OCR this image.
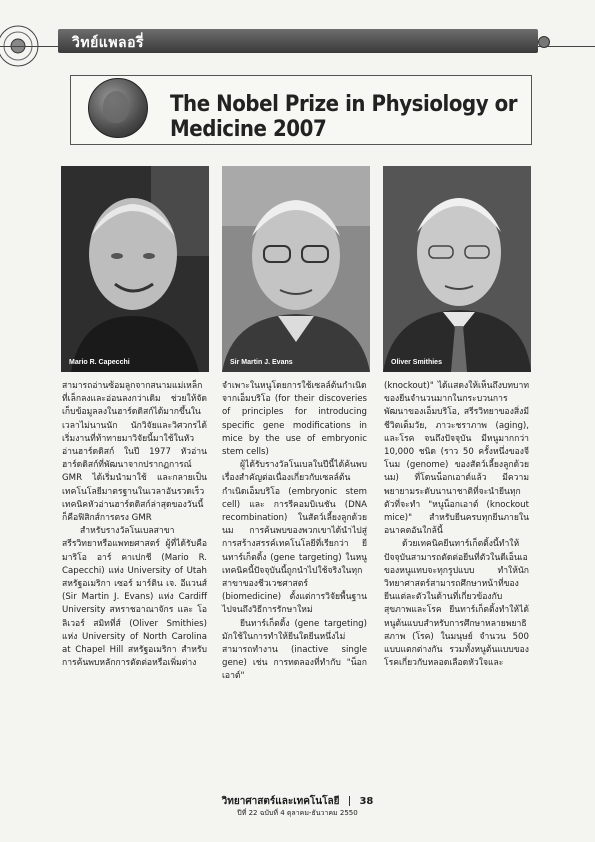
วิทย์แพลอรี่
The Nobel Prize in Physiology or Medicine 2007
Mario R. Capecchi	Sir Martin J. Evans	Oliver Smithies

สามารถอ่านซ้อมลูกจากสนามแม่เหล็กที่เล็กลงและอ่อนลงกว่าเดิม ช่วยให้จัดเก็บข้อมูลลงในฮาร์ดดิสก์ได้มากขึ้นในเวลาไม่นานนัก นักวิจัยและวิศวกรได้เริ่มงานที่ท้าทายมาวิจัยนี้มาใช้ในหัวอ่านฮาร์ดดิสก์ ในปี 1977 หัวอ่านฮาร์ดดิสก์ที่พัฒนาจากปรากฏการณ์ GMR ได้เริ่มนำมาใช้ และกลายเป็นเทคโนโลยีมาตรฐานในเวลาอันรวดเร็ว เทคนิคหัวอ่านฮาร์ดดิสก์ล่าสุดของวันนี้ก็คือฟิสิกส์การตรง GMR

สำหรับรางวัลโนเบลสาขาสรีรวิทยาหรือแพทยศาสตร์ ผู้ที่ได้รับคือ มาริโอ อาร์ คาเปกชี (Mario R. Capecchi) แห่ง University of Utah สหรัฐอเมริกา เซอร์ มาร์ติน เจ. อีแวนส์ (Sir Martin J. Evans) แห่ง Cardiff University สหราชอาณาจักร และ โอลิเวอร์ สมิทที่ส์ (Oliver Smithies) แห่ง University of North Carolina at Chapel Hill สหรัฐอเมริกา สำหรับการค้นพบหลักการตัดต่อหรือเพิ่มต่าง

จำเพาะในหนูโดยการใช้เซลล์ต้นกำเนิดจากเอ็มบริโอ (for their discoveries of principles for introducing specific gene modifications in mice by the use of embryonic stem cells)

ผู้ได้รับรางวัลโนเบลในปีนี้ได้ค้นพบเรื่องสำคัญต่อเนื่องเกี่ยวกับเซลล์ต้นกำเนิดเอ็มบริโอ (embryonic stem cell) และ การรีคอมบิเนชัน (DNA recombination) ในสัตว์เลี้ยงลูกด้วยนม การค้นพบของพวกเขาได้นำไปสู่การสร้างสรรค์เทคโนโลยีที่เรียกว่า ยีนทาร์เก็ตติ้ง (gene targeting) ในหนู เทคนิคนี้ปัจจุบันนี้ถูกนำไปใช้จริงในทุกสาขาของชีวเวชศาสตร์ (biomedicine) ตั้งแต่การวิจัยพื้นฐานไปจนถึงวิธีการรักษาใหม่

ยีนทาร์เก็ตติ้ง (gene targeting) มักใช้ในการทำให้ยีนใดยีนหนึ่งไม่สามารถทำงาน (inactive single gene) เช่น การทดลองที่ทำกับ "น็อกเอาต์"

(knockout)" ได้แสดงให้เห็นถึงบทบาทของยีนจำนวนมากในกระบวนการพัฒนาของเอ็มบริโอ, สรีรวิทยาของสิ่งมีชีวิตเต็มวัย, ภาวะชราภาพ (aging), และโรค จนถึงปัจจุบัน มีหนูมากกว่า 10,000 ชนิด (ราว 50 ครั้งหนึ่งของจีโนม (genome) ของสัตว์เลี้ยงลูกด้วยนม) ที่โดนน็อกเอาต์แล้ว มีความพยายามระดับนานาชาติที่จะนำยีนทุกตัวที่จะทำ "หนูน็อกเอาต์ (knockout mice)" สำหรับยีนครบทุกยีนภายในอนาคตอันใกล้นี้

ด้วยเทคนิคยีนทาร์เก็ตติ้งนี้ทำให้ปัจจุบันสามารถตัดต่อยีนที่ตัวในดีเอ็นเอของหนูแทบจะทุกรูปแบบ ทำให้นักวิทยาศาสตร์สามารถศึกษาหน้าที่ของยีนแต่ละตัวในด้านที่เกี่ยวข้องกับสุขภาพและโรค ยีนทาร์เก็ตติ้งทำให้ได้หนูต้นแบบสำหรับการศึกษาหลายพยาธิสภาพ (โรค) ในมนุษย์ จำนวน 500 แบบแตกต่างกัน รวมทั้งหนูต้นแบบของโรคเกี่ยวกับหลอดเลือดหัวใจและ

วิทยาศาสตร์และเทคโนโลยี 38
ปีที่ 22 ฉบับที่ 4 ตุลาคม-ธันวาคม 2550
